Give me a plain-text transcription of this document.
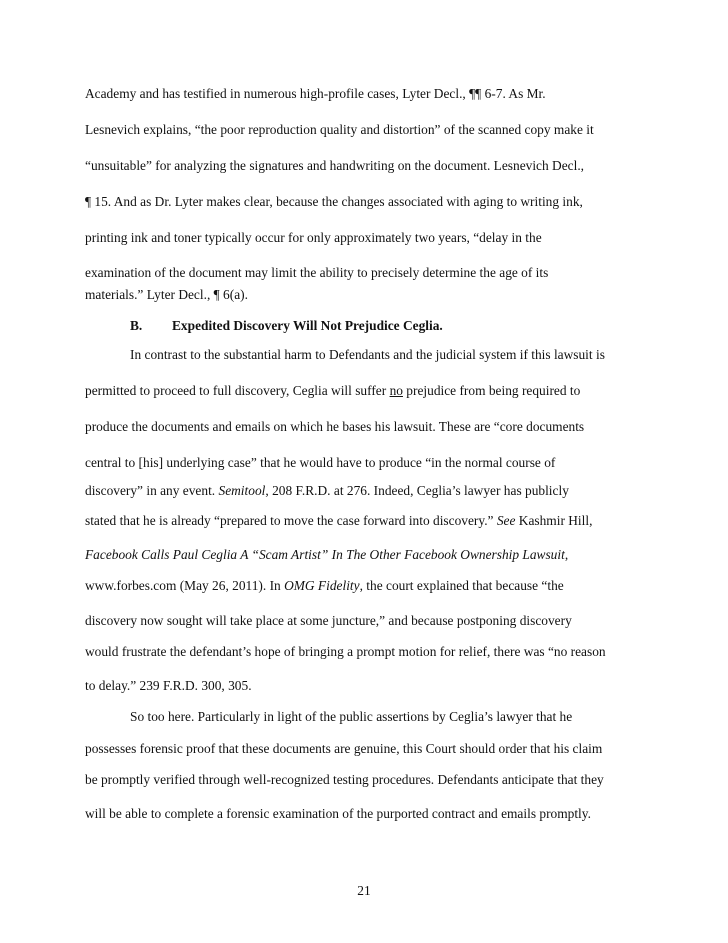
Academy and has testified in numerous high-profile cases, Lyter Decl., ¶¶ 6-7. As Mr.
Lesnevich explains, “the poor reproduction quality and distortion” of the scanned copy make it
“unsuitable” for analyzing the signatures and handwriting on the document. Lesnevich Decl.,
¶ 15. And as Dr. Lyter makes clear, because the changes associated with aging to writing ink,
printing ink and toner typically occur for only approximately two years, “delay in the
examination of the document may limit the ability to precisely determine the age of its
materials.” Lyter Decl., ¶ 6(a).
B. Expedited Discovery Will Not Prejudice Ceglia.
In contrast to the substantial harm to Defendants and the judicial system if this lawsuit is
permitted to proceed to full discovery, Ceglia will suffer no prejudice from being required to
produce the documents and emails on which he bases his lawsuit. These are “core documents
central to [his] underlying case” that he would have to produce “in the normal course of
discovery” in any event. Semitool, 208 F.R.D. at 276. Indeed, Ceglia’s lawyer has publicly
stated that he is already “prepared to move the case forward into discovery.” See Kashmir Hill,
Facebook Calls Paul Ceglia A “Scam Artist” In The Other Facebook Ownership Lawsuit,
www.forbes.com (May 26, 2011). In OMG Fidelity, the court explained that because “the
discovery now sought will take place at some juncture,” and because postponing discovery
would frustrate the defendant’s hope of bringing a prompt motion for relief, there was “no reason
to delay.” 239 F.R.D. 300, 305.
So too here. Particularly in light of the public assertions by Ceglia’s lawyer that he
possesses forensic proof that these documents are genuine, this Court should order that his claim
be promptly verified through well-recognized testing procedures. Defendants anticipate that they
will be able to complete a forensic examination of the purported contract and emails promptly.
21
